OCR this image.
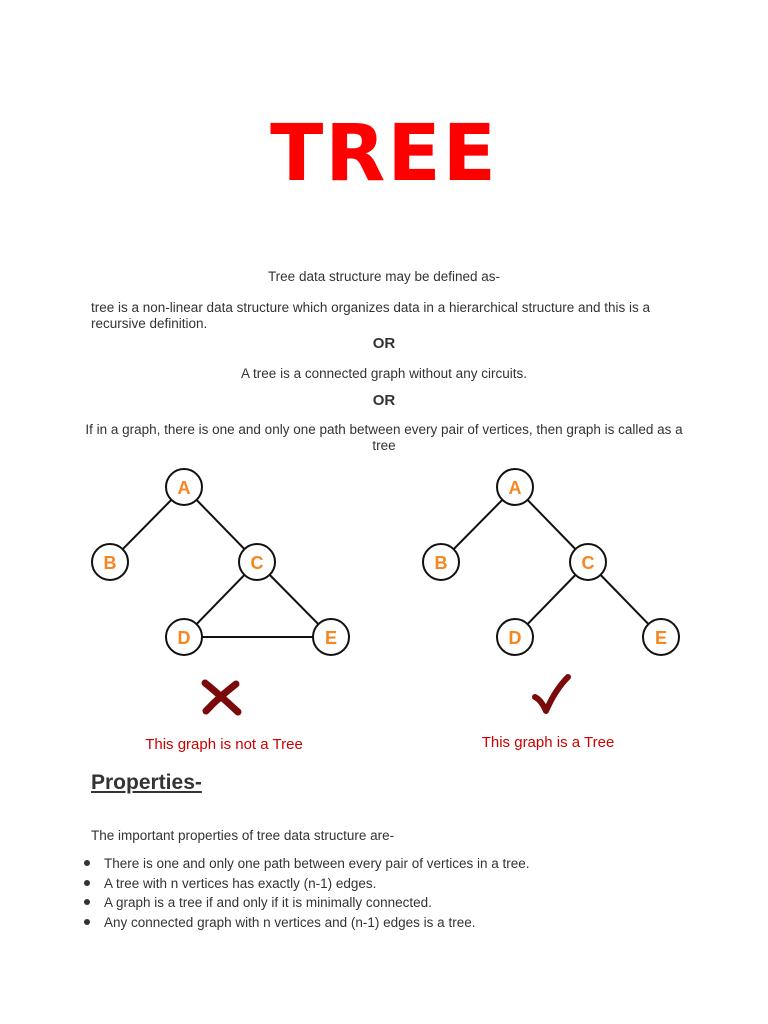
TREE
Tree data structure may be defined as-
tree is a non-linear data structure which organizes data in a hierarchical structure and this is a recursive definition.
OR
A tree is a connected graph without any circuits.
OR
If in a graph, there is one and only one path between every pair of vertices, then graph is called as a tree
A
B	C
D	E
This graph is not a Tree
A
B	C
D	E
This graph is a Tree
Properties-
The important properties of tree data structure are-
There is one and only one path between every pair of vertices in a tree.
A tree with n vertices has exactly (n-1) edges.
A graph is a tree if and only if it is minimally connected.
Any connected graph with n vertices and (n-1) edges is a tree.
